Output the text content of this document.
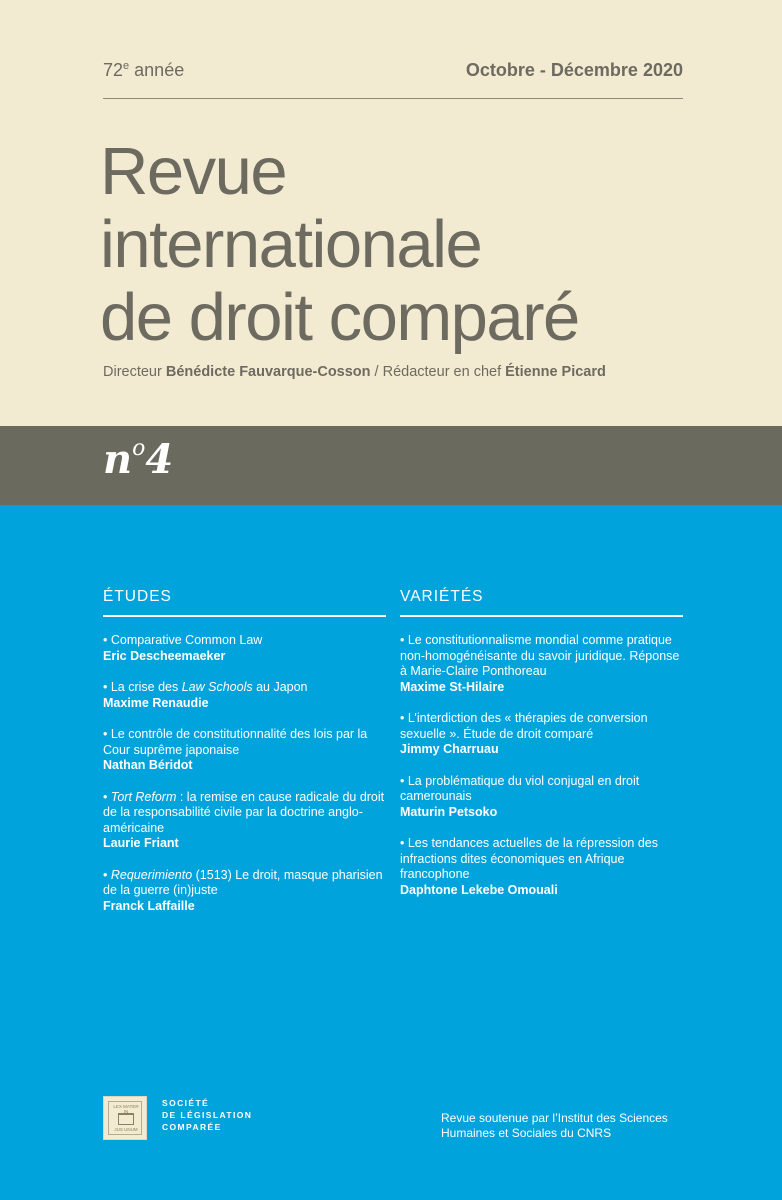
72e année	Octobre - Décembre 2020
Revue
internationale
de droit comparé
Directeur Bénédicte Fauvarque-Cosson / Rédacteur en chef Étienne Picard
$n^o4$
ÉTUDES
• Comparative Common Law
Eric Descheemaeker
• La crise des Law Schools au Japon
Maxime Renaudie
• Le contrôle de constitutionnalité des lois par la Cour suprême japonaise
Nathan Béridot
• Tort Reform : la remise en cause radicale du droit de la responsabilité civile par la doctrine anglo-américaine
Laurie Friant
• Requerimiento (1513) Le droit, masque pharisien de la guerre (in)juste
Franck Laffaille
VARIÉTÉS
• Le constitutionnalisme mondial comme pratique non-homogénéisante du savoir juridique. Réponse à Marie-Claire Ponthoreau
Maxime St-Hilaire
• L’interdiction des « thérapies de conversion sexuelle ». Étude de droit comparé
Jimmy Charruau
• La problématique du viol conjugal en droit camerounais
Maturin Petsoko
• Les tendances actuelles de la répression des infractions dites économiques en Afrique francophone
Daphtone Lekebe Omouali
LEX MATER IN
JUS UNUM
SOCIÉTÉ
DE LÉGISLATION
COMPARÉE
Revue soutenue par l’Institut des Sciences
Humaines et Sociales du CNRS
